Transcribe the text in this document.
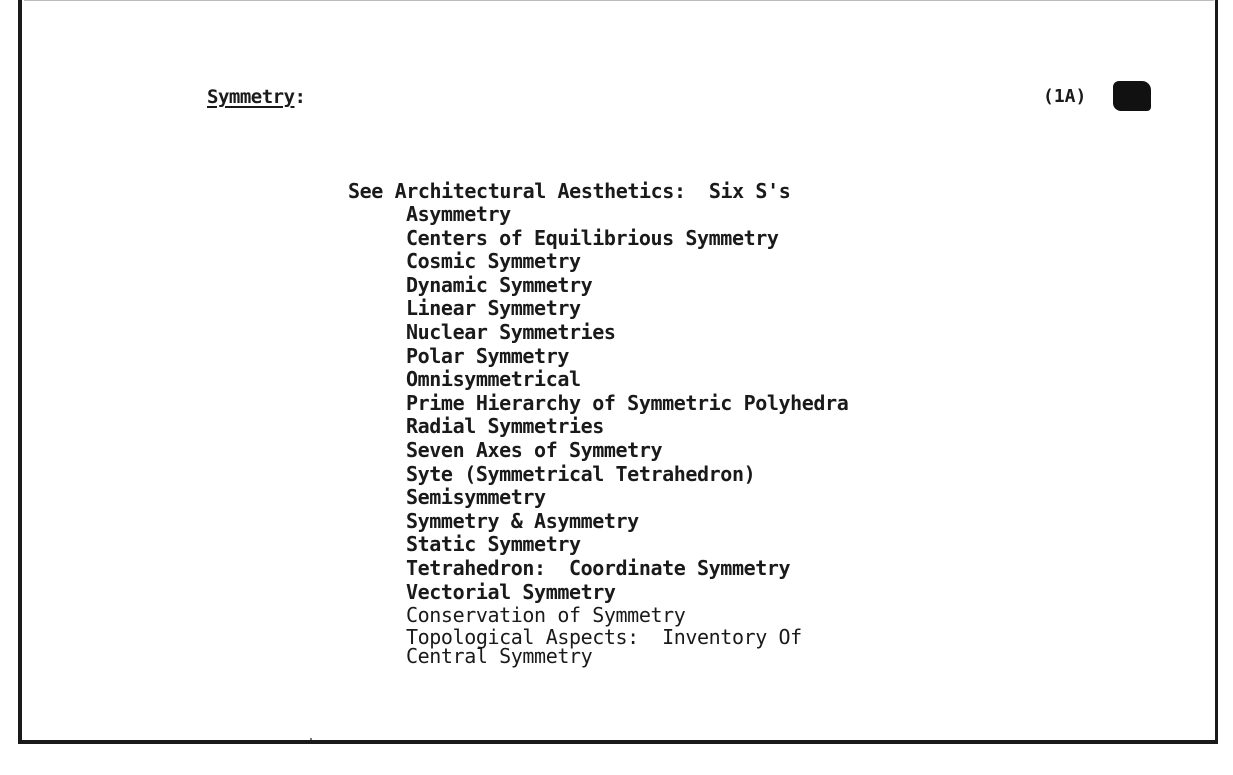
Symmetry:	(1A)
See Architectural Aesthetics:  Six S's
Asymmetry
Centers of Equilibrious Symmetry
Cosmic Symmetry
Dynamic Symmetry
Linear Symmetry
Nuclear Symmetries
Polar Symmetry
Omnisymmetrical
Prime Hierarchy of Symmetric Polyhedra
Radial Symmetries
Seven Axes of Symmetry
Syte (Symmetrical Tetrahedron)
Semisymmetry
Symmetry & Asymmetry
Static Symmetry
Tetrahedron:  Coordinate Symmetry
Vectorial Symmetry
Conservation of Symmetry
Topological Aspects:  Inventory Of
Central Symmetry
